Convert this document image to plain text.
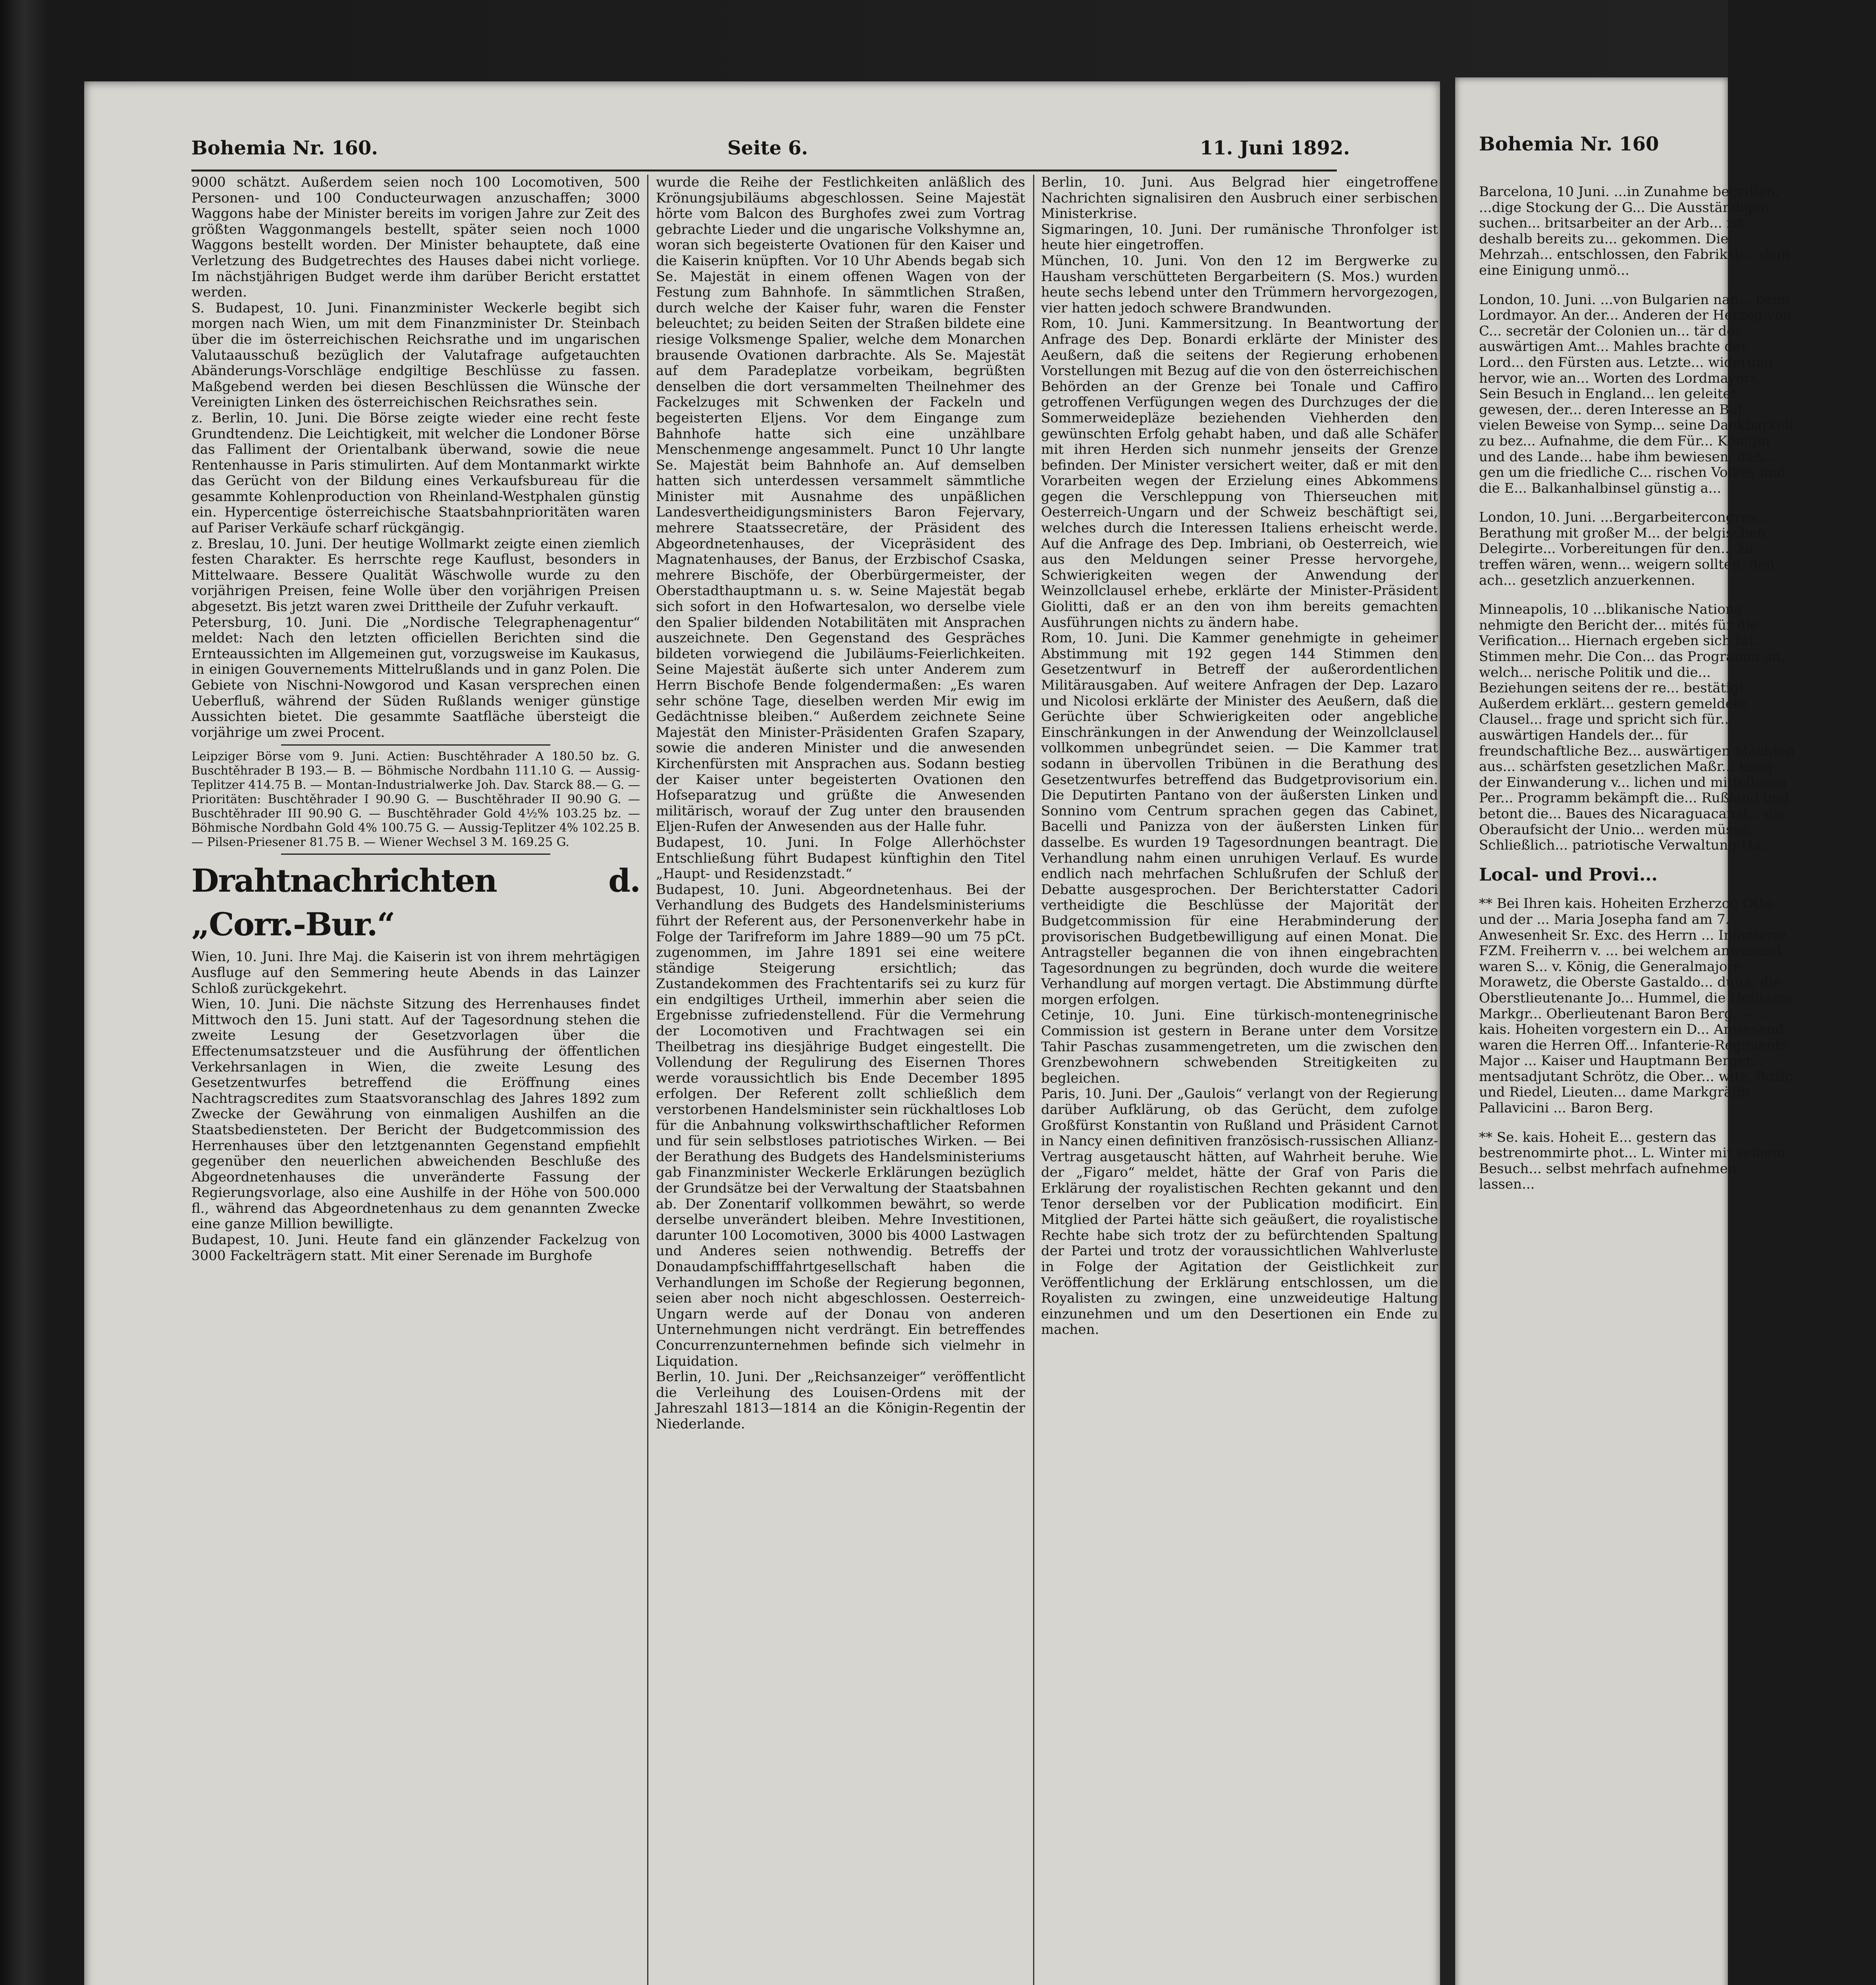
Bohemia Nr. 160.	Seite 6.	11. Juni 1892.

9000 schätzt. Außerdem seien noch 100 Locomotiven, 500 Personen- und 100 Conducteurwagen anzuschaffen; 3000 Waggons habe der Minister bereits im vorigen Jahre zur Zeit des größten Waggonmangels bestellt, später seien noch 1000 Waggons bestellt worden. Der Minister behauptete, daß eine Verletzung des Budgetrechtes des Hauses dabei nicht vorliege. Im nächstjährigen Budget werde ihm darüber Bericht erstattet werden.

S. Budapest, 10. Juni. Finanzminister Weckerle begibt sich morgen nach Wien, um mit dem Finanzminister Dr. Steinbach über die im österreichischen Reichsrathe und im ungarischen Valutaausschuß bezüglich der Valutafrage aufgetauchten Abänderungs-Vorschläge endgiltige Beschlüsse zu fassen. Maßgebend werden bei diesen Beschlüssen die Wünsche der Vereinigten Linken des österreichischen Reichsrathes sein.

z. Berlin, 10. Juni. Die Börse zeigte wieder eine recht feste Grundtendenz. Die Leichtigkeit, mit welcher die Londoner Börse das Falliment der Orientalbank überwand, sowie die neue Rentenhausse in Paris stimulirten. Auf dem Montanmarkt wirkte das Gerücht von der Bildung eines Verkaufsbureau für die gesammte Kohlenproduction von Rheinland-Westphalen günstig ein. Hypercentige österreichische Staatsbahnprioritäten waren auf Pariser Verkäufe scharf rückgängig.

z. Breslau, 10. Juni. Der heutige Wollmarkt zeigte einen ziemlich festen Charakter. Es herrschte rege Kauflust, besonders in Mittelwaare. Bessere Qualität Wäschwolle wurde zu den vorjährigen Preisen, feine Wolle über den vorjährigen Preisen abgesetzt. Bis jetzt waren zwei Drittheile der Zufuhr verkauft.

Petersburg, 10. Juni. Die „Nordische Telegraphenagentur“ meldet: Nach den letzten officiellen Berichten sind die Ernteaussichten im Allgemeinen gut, vorzugsweise im Kaukasus, in einigen Gouvernements Mittelrußlands und in ganz Polen. Die Gebiete von Nischni-Nowgorod und Kasan versprechen einen Ueberfluß, während der Süden Rußlands weniger günstige Aussichten bietet. Die gesammte Saatfläche übersteigt die vorjährige um zwei Procent.

Leipziger Börse vom 9. Juni. Actien: Buschtěhrader A 180.50 bz. G. Buschtěhrader B 193.— B. — Böhmische Nordbahn 111.10 G. — Aussig-Teplitzer 414.75 B. — Montan-Industrialwerke Joh. Dav. Starck 88.— G. — Prioritäten: Buschtěhrader I 90.90 G. — Buschtěhrader II 90.90 G. — Buschtěhrader III 90.90 G. — Buschtěhrader Gold 4½% 103.25 bz. — Böhmische Nordbahn Gold 4% 100.75 G. — Aussig-Teplitzer 4% 102.25 B. — Pilsen-Priesener 81.75 B. — Wiener Wechsel 3 M. 169.25 G.

Drahtnachrichten d. „Corr.-Bur.“

Wien, 10. Juni. Ihre Maj. die Kaiserin ist von ihrem mehrtägigen Ausfluge auf den Semmering heute Abends in das Lainzer Schloß zurückgekehrt.

Wien, 10. Juni. Die nächste Sitzung des Herrenhauses findet Mittwoch den 15. Juni statt. Auf der Tagesordnung stehen die zweite Lesung der Gesetzvorlagen über die Effectenumsatzsteuer und die Ausführung der öffentlichen Verkehrsanlagen in Wien, die zweite Lesung des Gesetzentwurfes betreffend die Eröffnung eines Nachtragscredites zum Staatsvoranschlag des Jahres 1892 zum Zwecke der Gewährung von einmaligen Aushilfen an die Staatsbediensteten. Der Bericht der Budgetcommission des Herrenhauses über den letztgenannten Gegenstand empfiehlt gegenüber den neuerlichen abweichenden Beschluße des Abgeordnetenhauses die unveränderte Fassung der Regierungsvorlage, also eine Aushilfe in der Höhe von 500.000 fl., während das Abgeordnetenhaus zu dem genannten Zwecke eine ganze Million bewilligte.

Budapest, 10. Juni. Heute fand ein glänzender Fackelzug von 3000 Fackelträgern statt. Mit einer Serenade im Burghofe

wurde die Reihe der Festlichkeiten anläßlich des Krönungsjubiläums abgeschlossen. Seine Majestät hörte vom Balcon des Burghofes zwei zum Vortrag gebrachte Lieder und die ungarische Volkshymne an, woran sich begeisterte Ovationen für den Kaiser und die Kaiserin knüpften. Vor 10 Uhr Abends begab sich Se. Majestät in einem offenen Wagen von der Festung zum Bahnhofe. In sämmtlichen Straßen, durch welche der Kaiser fuhr, waren die Fenster beleuchtet; zu beiden Seiten der Straßen bildete eine riesige Volksmenge Spalier, welche dem Monarchen brausende Ovationen darbrachte. Als Se. Majestät auf dem Paradeplatze vorbeikam, begrüßten denselben die dort versammelten Theilnehmer des Fackelzuges mit Schwenken der Fackeln und begeisterten Eljens. Vor dem Eingange zum Bahnhofe hatte sich eine unzählbare Menschenmenge angesammelt. Punct 10 Uhr langte Se. Majestät beim Bahnhofe an. Auf demselben hatten sich unterdessen versammelt sämmtliche Minister mit Ausnahme des unpäßlichen Landesvertheidigungsministers Baron Fejervary, mehrere Staatssecretäre, der Präsident des Abgeordnetenhauses, der Vicepräsident des Magnatenhauses, der Banus, der Erzbischof Csaska, mehrere Bischöfe, der Oberbürgermeister, der Oberstadthauptmann u. s. w. Seine Majestät begab sich sofort in den Hofwartesalon, wo derselbe viele den Spalier bildenden Notabilitäten mit Ansprachen auszeichnete. Den Gegenstand des Gespräches bildeten vorwiegend die Jubiläums-Feierlichkeiten. Seine Majestät äußerte sich unter Anderem zum Herrn Bischofe Bende folgendermaßen: „Es waren sehr schöne Tage, dieselben werden Mir ewig im Gedächtnisse bleiben.“ Außerdem zeichnete Seine Majestät den Minister-Präsidenten Grafen Szapary, sowie die anderen Minister und die anwesenden Kirchenfürsten mit Ansprachen aus. Sodann bestieg der Kaiser unter begeisterten Ovationen den Hofseparatzug und grüßte die Anwesenden militärisch, worauf der Zug unter den brausenden Eljen-Rufen der Anwesenden aus der Halle fuhr.

Budapest, 10. Juni. In Folge Allerhöchster Entschließung führt Budapest künftighin den Titel „Haupt- und Residenzstadt.“

Budapest, 10. Juni. Abgeordnetenhaus. Bei der Verhandlung des Budgets des Handelsministeriums führt der Referent aus, der Personenverkehr habe in Folge der Tarifreform im Jahre 1889—90 um 75 pCt. zugenommen, im Jahre 1891 sei eine weitere ständige Steigerung ersichtlich; das Zustandekommen des Frachtentarifs sei zu kurz für ein endgiltiges Urtheil, immerhin aber seien die Ergebnisse zufriedenstellend. Für die Vermehrung der Locomotiven und Frachtwagen sei ein Theilbetrag ins diesjährige Budget eingestellt. Die Vollendung der Regulirung des Eisernen Thores werde voraussichtlich bis Ende December 1895 erfolgen. Der Referent zollt schließlich dem verstorbenen Handelsminister sein rückhaltloses Lob für die Anbahnung volkswirthschaftlicher Reformen und für sein selbstloses patriotisches Wirken. — Bei der Berathung des Budgets des Handelsministeriums gab Finanzminister Weckerle Erklärungen bezüglich der Grundsätze bei der Verwaltung der Staatsbahnen ab. Der Zonentarif vollkommen bewährt, so werde derselbe unverändert bleiben. Mehre Investitionen, darunter 100 Locomotiven, 3000 bis 4000 Lastwagen und Anderes seien nothwendig. Betreffs der Donaudampfschifffahrtgesellschaft haben die Verhandlungen im Schoße der Regierung begonnen, seien aber noch nicht abgeschlossen. Oesterreich-Ungarn werde auf der Donau von anderen Unternehmungen nicht verdrängt. Ein betreffendes Concurrenzunternehmen befinde sich vielmehr in Liquidation.

Berlin, 10. Juni. Der „Reichsanzeiger“ veröffentlicht die Verleihung des Louisen-Ordens mit der Jahreszahl 1813—1814 an die Königin-Regentin der Niederlande.

Berlin, 10. Juni. Aus Belgrad hier eingetroffene Nachrichten signalisiren den Ausbruch einer serbischen Ministerkrise.

Sigmaringen, 10. Juni. Der rumänische Thronfolger ist heute hier eingetroffen.

München, 10. Juni. Von den 12 im Bergwerke zu Hausham verschütteten Bergarbeitern (S. Mos.) wurden heute sechs lebend unter den Trümmern hervorgezogen, vier hatten jedoch schwere Brandwunden.

Rom, 10. Juni. Kammersitzung. In Beantwortung der Anfrage des Dep. Bonardi erklärte der Minister des Aeußern, daß die seitens der Regierung erhobenen Vorstellungen mit Bezug auf die von den österreichischen Behörden an der Grenze bei Tonale und Caffiro getroffenen Verfügungen wegen des Durchzuges der die Sommerweidepläze beziehenden Viehherden den gewünschten Erfolg gehabt haben, und daß alle Schäfer mit ihren Herden sich nunmehr jenseits der Grenze befinden. Der Minister versichert weiter, daß er mit den Vorarbeiten wegen der Erzielung eines Abkommens gegen die Verschleppung von Thierseuchen mit Oesterreich-Ungarn und der Schweiz beschäftigt sei, welches durch die Interessen Italiens erheischt werde. Auf die Anfrage des Dep. Imbriani, ob Oesterreich, wie aus den Meldungen seiner Presse hervorgehe, Schwierigkeiten wegen der Anwendung der Weinzollclausel erhebe, erklärte der Minister-Präsident Giolitti, daß er an den von ihm bereits gemachten Ausführungen nichts zu ändern habe.

Rom, 10. Juni. Die Kammer genehmigte in geheimer Abstimmung mit 192 gegen 144 Stimmen den Gesetzentwurf in Betreff der außerordentlichen Militärausgaben. Auf weitere Anfragen der Dep. Lazaro und Nicolosi erklärte der Minister des Aeußern, daß die Gerüchte über Schwierigkeiten oder angebliche Einschränkungen in der Anwendung der Weinzollclausel vollkommen unbegründet seien. — Die Kammer trat sodann in übervollen Tribünen in die Berathung des Gesetzentwurfes betreffend das Budgetprovisorium ein. Die Deputirten Pantano von der äußersten Linken und Sonnino vom Centrum sprachen gegen das Cabinet, Bacelli und Panizza von der äußersten Linken für dasselbe. Es wurden 19 Tagesordnungen beantragt. Die Verhandlung nahm einen unruhigen Verlauf. Es wurde endlich nach mehrfachen Schlußrufen der Schluß der Debatte ausgesprochen. Der Berichterstatter Cadori vertheidigte die Beschlüsse der Majorität der Budgetcommission für eine Herabminderung der provisorischen Budgetbewilligung auf einen Monat. Die Antragsteller begannen die von ihnen eingebrachten Tagesordnungen zu begründen, doch wurde die weitere Verhandlung auf morgen vertagt. Die Abstimmung dürfte morgen erfolgen.

Cetinje, 10. Juni. Eine türkisch-montenegrinische Commission ist gestern in Berane unter dem Vorsitze Tahir Paschas zusammengetreten, um die zwischen den Grenzbewohnern schwebenden Streitigkeiten zu begleichen.

Paris, 10. Juni. Der „Gaulois“ verlangt von der Regierung darüber Aufklärung, ob das Gerücht, dem zufolge Großfürst Konstantin von Rußland und Präsident Carnot in Nancy einen definitiven französisch-russischen Allianz-Vertrag ausgetauscht hätten, auf Wahrheit beruhe. Wie der „Figaro“ meldet, hätte der Graf von Paris die Erklärung der royalistischen Rechten gekannt und den Tenor derselben vor der Publication modificirt. Ein Mitglied der Partei hätte sich geäußert, die royalistische Rechte habe sich trotz der zu befürchtenden Spaltung der Partei und trotz der voraussichtlichen Wahlverluste in Folge der Agitation der Geistlichkeit zur Veröffentlichung der Erklärung entschlossen, um die Royalisten zu zwingen, eine unzweideutige Haltung einzunehmen und um den Desertionen ein Ende zu machen.

Bohemia Nr. 160

Barcelona, 10 Juni. ...in Zunahme begriffen, ...dige Stockung der G... Die Ausständigen suchen... britsarbeiter an der Arb... ist deshalb bereits zu... gekommen. Die Mehrzah... entschlossen, den Fabriksb... dem eine Einigung unmö...

London, 10. Juni. ...von Bulgarien nah... beim Lordmayor. An der... Anderen der Herzog von C... secretär der Colonien un... tär des auswärtigen Amt... Mahles brachte der Lord... den Fürsten aus. Letzte... widerung hervor, wie an... Worten des Lordmayors... Sein Besuch in England... len geleitet gewesen, der... deren Interesse an Bul... vielen Beweise von Symp... seine Dankbarkeit zu bez... Aufnahme, die dem Für... Königin und des Lande... habe ihm bewiesen, daß... gen um die friedliche C... rischen Volkes und die E... Balkanhalbinsel günstig a...

London, 10. Juni. ...Bergarbeitercongres... Berathung mit großer M... der belgischen Delegirte... Vorbereitungen für den... zu treffen wären, wenn... weigern sollten, den ach... gesetzlich anzuerkennen.

Minneapolis, 10 ...blikanische Nationa... nehmigte den Bericht der... mités für die Verification... Hiernach ergeben sich für... Stimmen mehr. Die Con... das Programm an, welch... nerische Politik und die... Beziehungen seitens der re... bestätigt. Außerdem erklärt... gestern gemeldete Clausel... frage und spricht sich für... auswärtigen Handels der... für freundschaftliche Bez... auswärtigen Mächten aus... schärfsten gesetzlichen Maßr... kung der Einwanderung v... lichen und mittellosen Per... Programm bekämpft die... Rußland und betont die... Baues des Nicaraguacanal... die Oberaufsicht der Unio... werden müsse. Schließlich... patriotische Verwaltung Ha...

Local- und Provi...

** Bei Ihren kais. Hoheiten Erzherzog Otto und der ... Maria Josepha fand am 7. ... Anwesenheit Sr. Exc. des Herrn ... Infanterie FZM. Freiherrn v. ... bei welchem anwesend waren S... v. König, die Generalmajore ... Morawetz, die Oberste Gastaldo... duna, die Oberstlieutenante Jo... Hummel, die Hofdame Markgr... Oberlieutenant Baron Berg. — ... kais. Hoheiten vorgestern ein D... Anwesend waren die Herren Off... Infanterie-Regiments Major ... Kaiser und Hauptmann Berger... mentsadjutant Schrötz, die Ober... witz, Božic und Riedel, Lieuten... dame Markgräfin Pallavicini ... Baron Berg.

** Se. kais. Hoheit E... gestern das bestrenommirte phot... L. Winter mit seinem Besuch... selbst mehrfach aufnehmen lassen...
